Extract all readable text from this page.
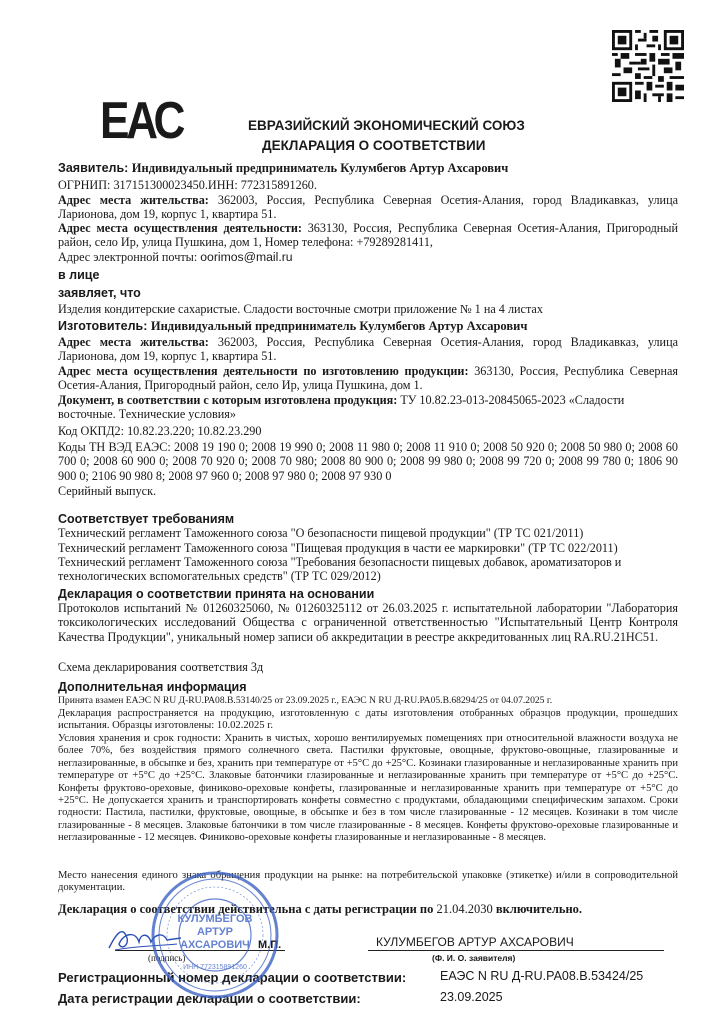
ЕАС	ЕВРАЗИЙСКИЙ ЭКОНОМИЧЕСКИЙ СОЮЗ
ДЕКЛАРАЦИЯ О СООТВЕТСТВИИ
Заявитель: Индивидуальный предприниматель Кулумбегов Артур Ахсарович
ОГРНИП: 317151300023450.ИНН: 772315891260.
Адрес места жительства: 362003, Россия, Республика Северная Осетия-Алания, город Владикавказ, улица Ларионова, дом 19, корпус 1, квартира 51.
Адрес места осуществления деятельности: 363130, Россия, Республика Северная Осетия-Алания, Пригородный район, село Ир, улица Пушкина, дом 1, Номер телефона: +79289281411,
Адрес электронной почты: oorimos@mail.ru
в лице
заявляет, что
Изделия кондитерские сахаристые. Сладости восточные смотри приложение № 1 на 4 листах
Изготовитель: Индивидуальный предприниматель Кулумбегов Артур Ахсарович
Адрес места жительства: 362003, Россия, Республика Северная Осетия-Алания, город Владикавказ, улица Ларионова, дом 19, корпус 1, квартира 51.
Адрес места осуществления деятельности по изготовлению продукции: 363130, Россия, Республика Северная Осетия-Алания, Пригородный район, село Ир, улица Пушкина, дом 1.
Документ, в соответствии с которым изготовлена продукция: ТУ 10.82.23-013-20845065-2023 «Сладости восточные. Технические условия»
Код ОКПД2: 10.82.23.220; 10.82.23.290
Коды ТН ВЭД ЕАЭС: 2008 19 190 0; 2008 19 990 0; 2008 11 980 0; 2008 11 910 0; 2008 50 920 0; 2008 50 980 0; 2008 60 700 0; 2008 60 900 0; 2008 70 920 0; 2008 70 980; 2008 80 900 0; 2008 99 980 0; 2008 99 720 0; 2008 99 780 0; 1806 90 900 0; 2106 90 980 8; 2008 97 960 0; 2008 97 980 0; 2008 97 930 0
Серийный выпуск.
Соответствует требованиям
Технический регламент Таможенного союза "О безопасности пищевой продукции" (ТР ТС 021/2011)
Технический регламент Таможенного союза "Пищевая продукция в части ее маркировки" (ТР ТС 022/2011)
Технический регламент Таможенного союза "Требования безопасности пищевых добавок, ароматизаторов и технологических вспомогательных средств" (ТР ТС 029/2012)
Декларация о соответствии принята на основании
Протоколов испытаний № 01260325060, № 01260325112 от 26.03.2025 г. испытательной лаборатории "Лаборатория токсикологических исследований Общества с ограниченной ответственностью "Испытательный Центр Контроля Качества Продукции", уникальный номер записи об аккредитации в реестре аккредитованных лиц RA.RU.21НС51.
Схема декларирования соответствия 3д
Дополнительная информация
Принята взамен ЕАЭС N RU Д-RU.РА08.В.53140/25 от 23.09.2025 г., ЕАЭС N RU Д-RU.РА05.В.68294/25 от 04.07.2025 г.
Декларация распространяется на продукцию, изготовленную с даты изготовления отобранных образцов продукции, прошедших испытания. Образцы изготовлены: 10.02.2025 г.
Условия хранения и срок годности: Хранить в чистых, хорошо вентилируемых помещениях при относительной влажности воздуха не более 70%, без воздействия прямого солнечного света. Пастилки фруктовые, овощные, фруктово-овощные, глазированные и неглазированные, в обсыпке и без, хранить при температуре от +5°С до +25°С. Козинаки глазированные и неглазированные хранить при температуре от +5°С до +25°С. Злаковые батончики глазированные и неглазированные хранить при температуре от +5°С до +25°С. Конфеты фруктово-ореховые, финиково-ореховые конфеты, глазированные и неглазированные хранить при температуре от +5°С до +25°С. Не допускается хранить и транспортировать конфеты совместно с продуктами, обладающими специфическим запахом. Сроки годности: Пастила, пастилки, фруктовые, овощные, в обсыпке и без в том числе глазированные - 12 месяцев. Козинаки в том числе глазированные - 8 месяцев. Злаковые батончики в том числе глазированные - 8 месяцев. Конфеты фруктово-ореховые глазированные и неглазированные - 12 месяцев. Финиково-ореховые конфеты глазированные и неглазированные - 8 месяцев.
Место нанесения единого знака обращения продукции на рынке: на потребительской упаковке (этикетке) и/или в сопроводительной документации.
Декларация о соответствии действительна с даты регистрации по 21.04.2030 включительно.
(подпись)
М.П.	КУЛУМБЕГОВ АРТУР АХСАРОВИЧ
(Ф. И. О. заявителя)
Регистрационный номер декларации о соответствии:	ЕАЭС N RU Д-RU.РА08.В.53424/25
Дата регистрации декларации о соответствии:	23.09.2025
КУЛУМБЕГОВ
АРТУР
АХСАРОВИЧ
ИНН 772315891260
